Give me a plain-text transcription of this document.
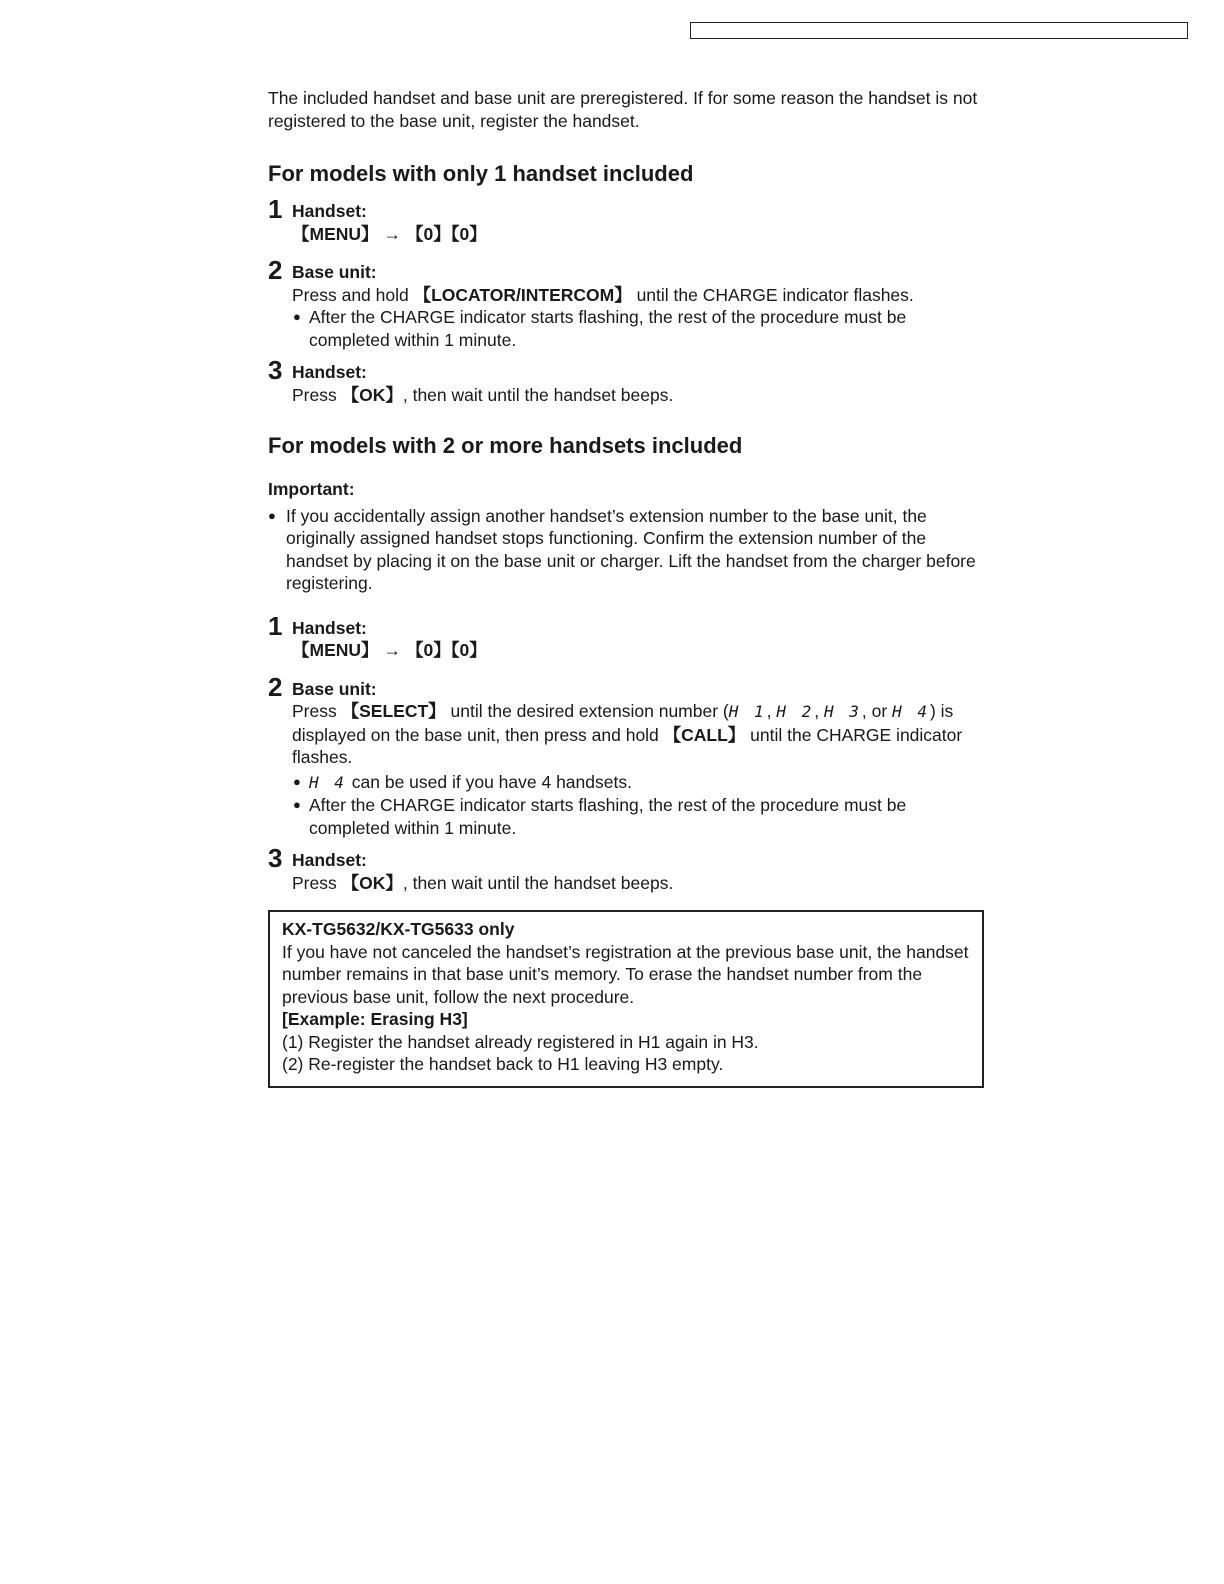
The included handset and base unit are preregistered. If for some reason the handset is not registered to the base unit, register the handset.

For models with only 1 handset included
1 Handset:
【MENU】 → 【0】【0】
2 Base unit:
Press and hold 【LOCATOR/INTERCOM】 until the CHARGE indicator flashes.
● After the CHARGE indicator starts flashing, the rest of the procedure must be completed within 1 minute.
3 Handset:
Press 【OK】, then wait until the handset beeps.
For models with 2 or more handsets included
Important:
● If you accidentally assign another handset’s extension number to the base unit, the originally assigned handset stops functioning. Confirm the extension number of the handset by placing it on the base unit or charger. Lift the handset from the charger before registering.
1 Handset:
【MENU】 → 【0】【0】
2 Base unit:
Press 【SELECT】 until the desired extension number (H 1, H 2, H 3, or H 4) is displayed on the base unit, then press and hold 【CALL】 until the CHARGE indicator flashes.
● H 4 can be used if you have 4 handsets.
● After the CHARGE indicator starts flashing, the rest of the procedure must be completed within 1 minute.
3 Handset:
Press 【OK】, then wait until the handset beeps.
KX-TG5632/KX-TG5633 only
If you have not canceled the handset’s registration at the previous base unit, the handset number remains in that base unit’s memory. To erase the handset number from the previous base unit, follow the next procedure.
[Example: Erasing H3]
(1) Register the handset already registered in H1 again in H3.
(2) Re-register the handset back to H1 leaving H3 empty.
